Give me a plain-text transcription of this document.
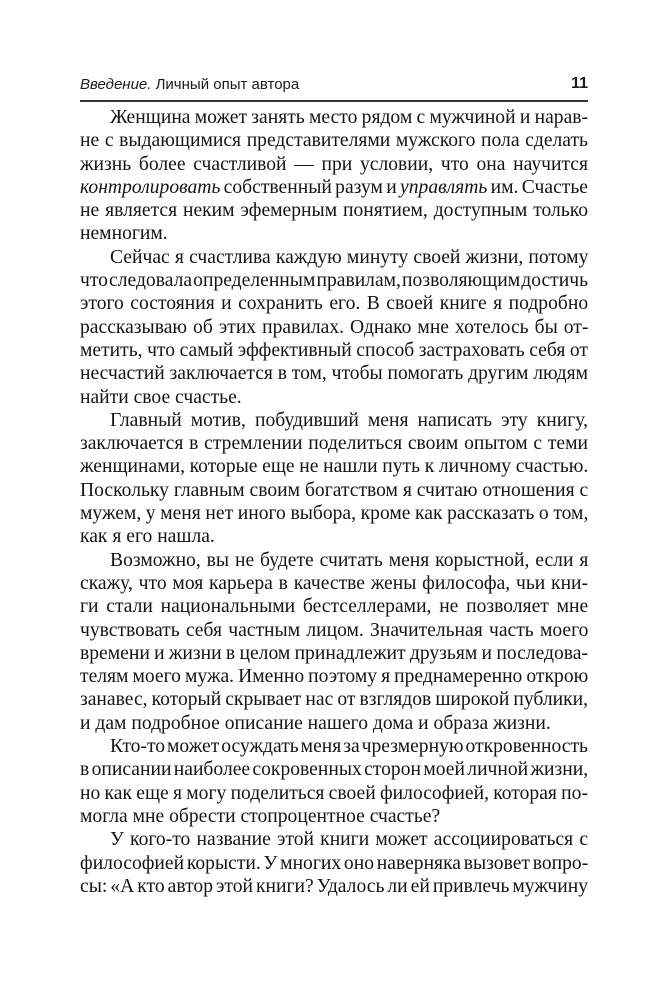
Введение. Личный опыт автора	11
Женщина может занять место рядом с мужчиной и нарав-
не с выдающимися представителями мужского пола сделать
жизнь более счастливой — при условии, что она научится
контролировать собственный разум и управлять им. Счастье
не является неким эфемерным понятием, доступным только
немногим.
Сейчас я счастлива каждую минуту своей жизни, потому
что следовала определенным правилам, позволяющим достичь
этого состояния и сохранить его. В своей книге я подробно
рассказываю об этих правилах. Однако мне хотелось бы от-
метить, что самый эффективный способ застраховать себя от
несчастий заключается в том, чтобы помогать другим людям
найти свое счастье.
Главный мотив, побудивший меня написать эту книгу,
заключается в стремлении поделиться своим опытом с теми
женщинами, которые еще не нашли путь к личному счастью.
Поскольку главным своим богатством я считаю отношения с
мужем, у меня нет иного выбора, кроме как рассказать о том,
как я его нашла.
Возможно, вы не будете считать меня корыстной, если я
скажу, что моя карьера в качестве жены философа, чьи кни-
ги стали национальными бестселлерами, не позволяет мне
чувствовать себя частным лицом. Значительная часть моего
времени и жизни в целом принадлежит друзьям и последова-
телям моего мужа. Именно поэтому я преднамеренно открою
занавес, который скрывает нас от взглядов широкой публики,
и дам подробное описание нашего дома и образа жизни.
Кто-то может осуждать меня за чрезмерную откровенность
в описании наиболее сокровенных сторон моей личной жизни,
но как еще я могу поделиться своей философией, которая по-
могла мне обрести стопроцентное счастье?
У кого-то название этой книги может ассоциироваться с
философией корысти. У многих оно наверняка вызовет вопро-
сы: «А кто автор этой книги? Удалось ли ей привлечь мужчину
